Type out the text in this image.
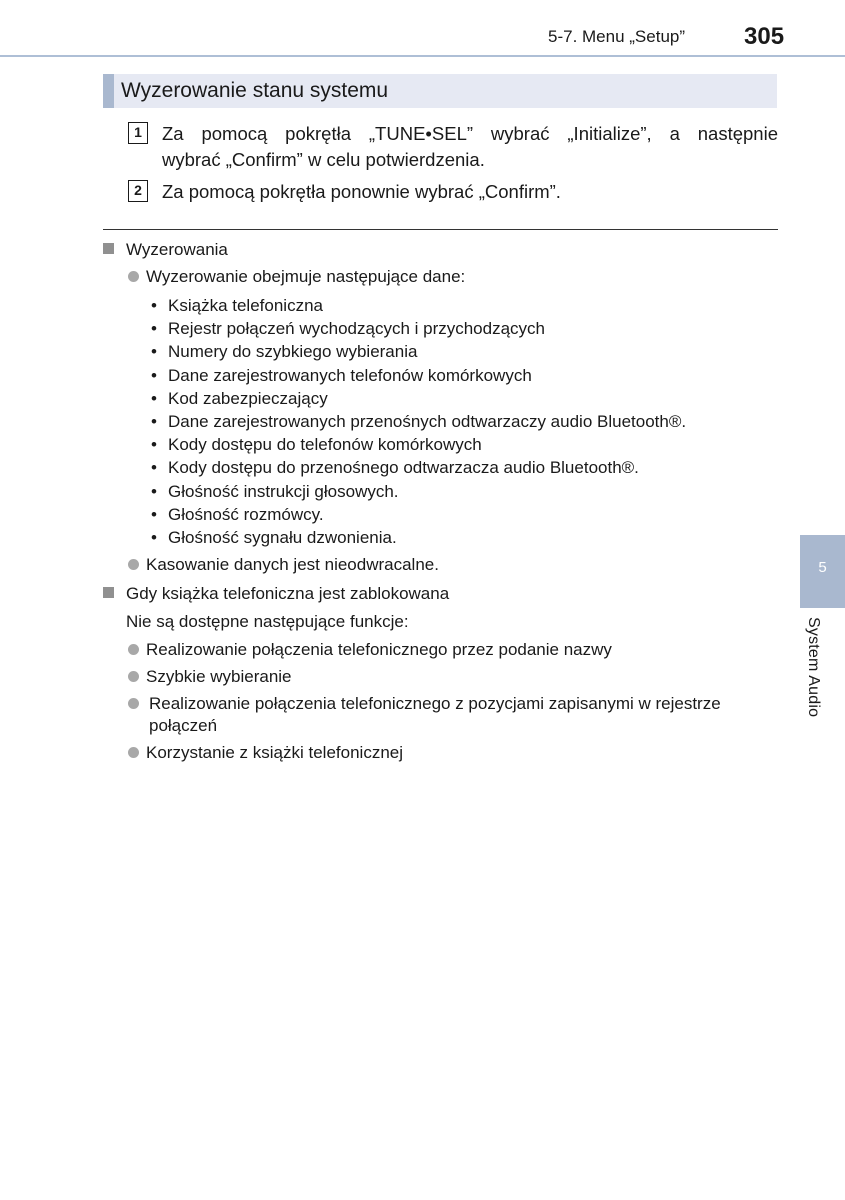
5-7. Menu „Setup” 305
Wyzerowanie stanu systemu
1	Za pomocą pokrętła „TUNE•SEL” wybrać „Initialize”, a następnie
wybrać „Confirm” w celu potwierdzenia.
2	Za pomocą pokrętła ponownie wybrać „Confirm”.
Wyzerowania
Wyzerowanie obejmuje następujące dane:
• Książka telefoniczna
• Rejestr połączeń wychodzących i przychodzących
• Numery do szybkiego wybierania
• Dane zarejestrowanych telefonów komórkowych
• Kod zabezpieczający
• Dane zarejestrowanych przenośnych odtwarzaczy audio Bluetooth®.
• Kody dostępu do telefonów komórkowych
• Kody dostępu do przenośnego odtwarzacza audio Bluetooth®.
• Głośność instrukcji głosowych.
• Głośność rozmówcy.
• Głośność sygnału dzwonienia.
Kasowanie danych jest nieodwracalne.
Gdy książka telefoniczna jest zablokowana
Nie są dostępne następujące funkcje:
Realizowanie połączenia telefonicznego przez podanie nazwy
Szybkie wybieranie
Realizowanie połączenia telefonicznego z pozycjami zapisanymi w rejestrze połączeń
Korzystanie z książki telefonicznej
5
System Audio
